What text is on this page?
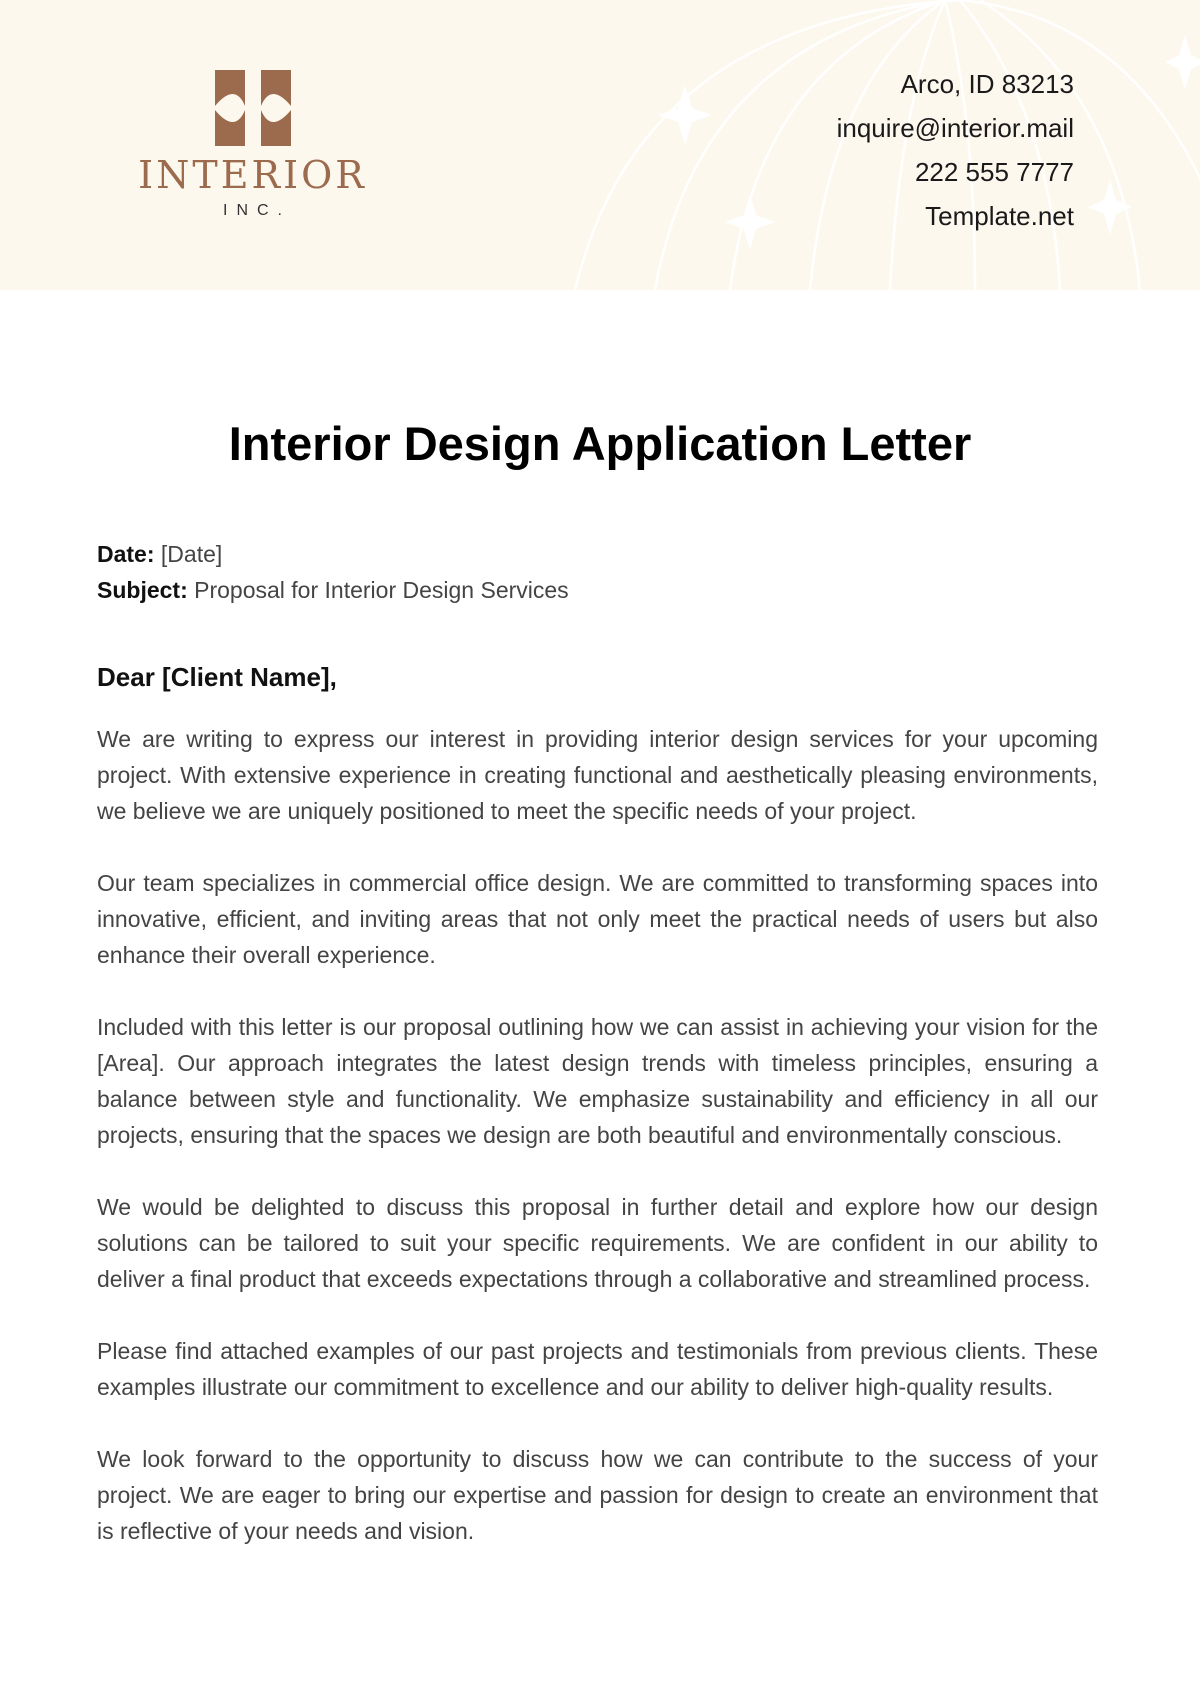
INTERIOR
INC.
Arco, ID 83213
inquire@interior.mail
222 555 7777
Template.net
Interior Design Application Letter
Date: [Date]
Subject: Proposal for Interior Design Services
Dear [Client Name],

We are writing to express our interest in providing interior design services for your upcoming project. With extensive experience in creating functional and aesthetically pleasing environments, we believe we are uniquely positioned to meet the specific needs of your project.

Our team specializes in commercial office design. We are committed to transforming spaces into innovative, efficient, and inviting areas that not only meet the practical needs of users but also enhance their overall experience.

Included with this letter is our proposal outlining how we can assist in achieving your vision for the [Area]. Our approach integrates the latest design trends with timeless principles, ensuring a balance between style and functionality. We emphasize sustainability and efficiency in all our projects, ensuring that the spaces we design are both beautiful and environmentally conscious.

We would be delighted to discuss this proposal in further detail and explore how our design solutions can be tailored to suit your specific requirements. We are confident in our ability to deliver a final product that exceeds expectations through a collaborative and streamlined process.

Please find attached examples of our past projects and testimonials from previous clients. These examples illustrate our commitment to excellence and our ability to deliver high-quality results.

We look forward to the opportunity to discuss how we can contribute to the success of your project. We are eager to bring our expertise and passion for design to create an environment that is reflective of your needs and vision.
